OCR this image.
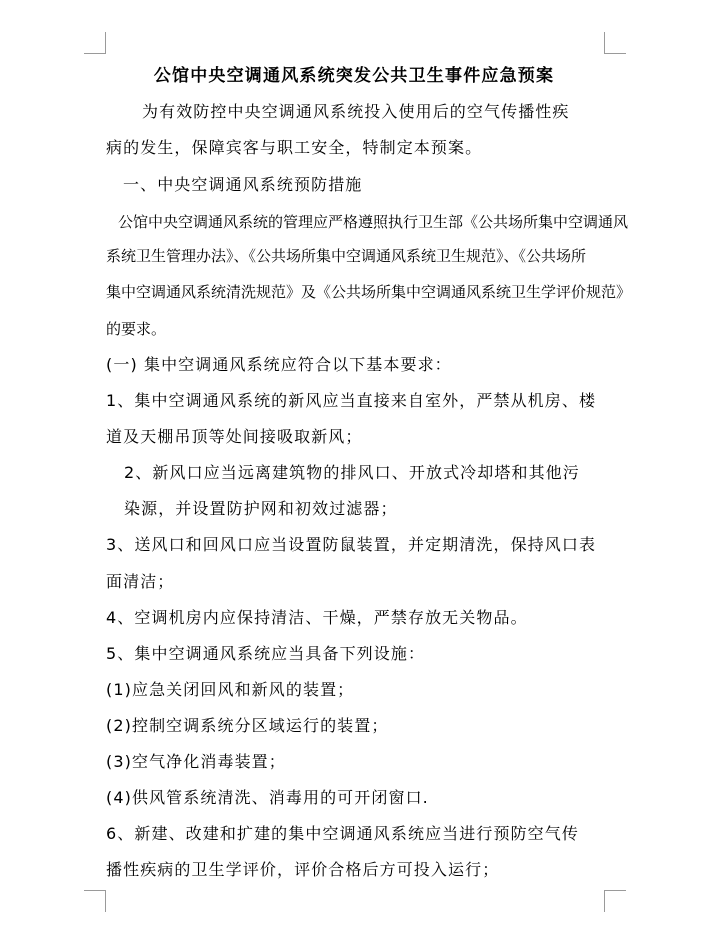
公馆中央空调通风系统突发公共卫生事件应急预案
为有效防控中央空调通风系统投入使用后的空气传播性疾
病的发生，保障宾客与职工安全，特制定本预案。
一、中央空调通风系统预防措施
公馆中央空调通风系统的管理应严格遵照执行卫生部《公共场所集中空调通风
系统卫生管理办法》、《公共场所集中空调通风系统卫生规范》、《公共场所
集中空调通风系统清洗规范》及《公共场所集中空调通风系统卫生学评价规范》
的要求。
(一) 集中空调通风系统应符合以下基本要求：
1、集中空调通风系统的新风应当直接来自室外，严禁从机房、楼
道及天棚吊顶等处间接吸取新风；
2、新风口应当远离建筑物的排风口、开放式冷却塔和其他污
染源，并设置防护网和初效过滤器；
3、送风口和回风口应当设置防鼠装置，并定期清洗，保持风口表
面清洁；
4、空调机房内应保持清洁、干燥，严禁存放无关物品。
5、集中空调通风系统应当具备下列设施：
(1)应急关闭回风和新风的装置；
(2)控制空调系统分区域运行的装置；
(3)空气净化消毒装置；
(4)供风管系统清洗、消毒用的可开闭窗口.
6、新建、改建和扩建的集中空调通风系统应当进行预防空气传
播性疾病的卫生学评价，评价合格后方可投入运行；
